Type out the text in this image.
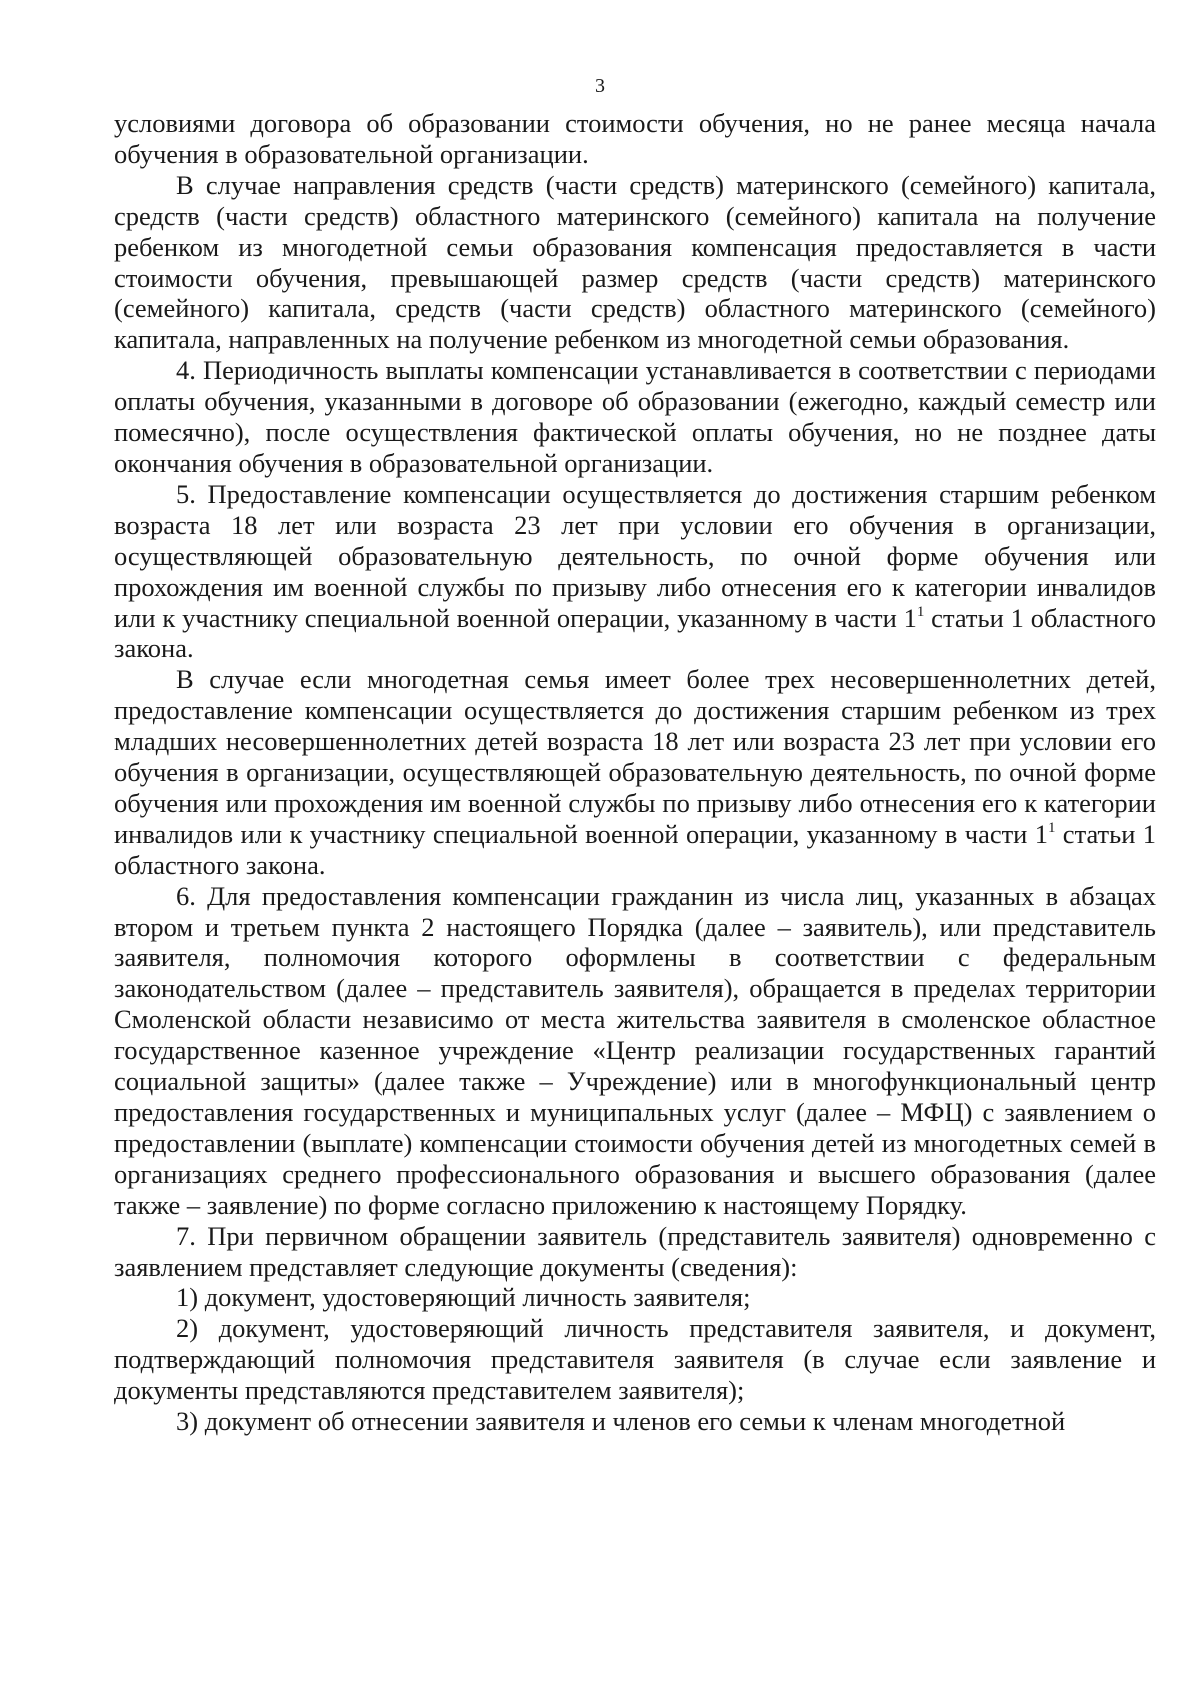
3

условиями договора об образовании стоимости обучения, но не ранее месяца начала обучения в образовательной организации.

В случае направления средств (части средств) материнского (семейного) капитала, средств (части средств) областного материнского (семейного) капитала на получение ребенком из многодетной семьи образования компенсация предоставляется в части стоимости обучения, превышающей размер средств (части средств) материнского (семейного) капитала, средств (части средств) областного материнского (семейного) капитала, направленных на получение ребенком из многодетной семьи образования.

4. Периодичность выплаты компенсации устанавливается в соответствии с периодами оплаты обучения, указанными в договоре об образовании (ежегодно, каждый семестр или помесячно), после осуществления фактической оплаты обучения, но не позднее даты окончания обучения в образовательной организации.

5. Предоставление компенсации осуществляется до достижения старшим ребенком возраста 18 лет или возраста 23 лет при условии его обучения в организации, осуществляющей образовательную деятельность, по очной форме обучения или прохождения им военной службы по призыву либо отнесения его к категории инвалидов или к участнику специальной военной операции, указанному в части $1^1$ статьи 1 областного закона.

В случае если многодетная семья имеет более трех несовершеннолетних детей, предоставление компенсации осуществляется до достижения старшим ребенком из трех младших несовершеннолетних детей возраста 18 лет или возраста 23 лет при условии его обучения в организации, осуществляющей образовательную деятельность, по очной форме обучения или прохождения им военной службы по призыву либо отнесения его к категории инвалидов или к участнику специальной военной операции, указанному в части $1^1$ статьи 1 областного закона.

6. Для предоставления компенсации гражданин из числа лиц, указанных в абзацах втором и третьем пункта 2 настоящего Порядка (далее – заявитель), или представитель заявителя, полномочия которого оформлены в соответствии с федеральным законодательством (далее – представитель заявителя), обращается в пределах территории Смоленской области независимо от места жительства заявителя в смоленское областное государственное казенное учреждение «Центр реализации государственных гарантий социальной защиты» (далее также – Учреждение) или в многофункциональный центр предоставления государственных и муниципальных услуг (далее – МФЦ) с заявлением о предоставлении (выплате) компенсации стоимости обучения детей из многодетных семей в организациях среднего профессионального образования и высшего образования (далее также – заявление) по форме согласно приложению к настоящему Порядку.

7. При первичном обращении заявитель (представитель заявителя) одновременно с заявлением представляет следующие документы (сведения):

1) документ, удостоверяющий личность заявителя;

2) документ, удостоверяющий личность представителя заявителя, и документ, подтверждающий полномочия представителя заявителя (в случае если заявление и документы представляются представителем заявителя);

3) документ об отнесении заявителя и членов его семьи к членам многодетной
